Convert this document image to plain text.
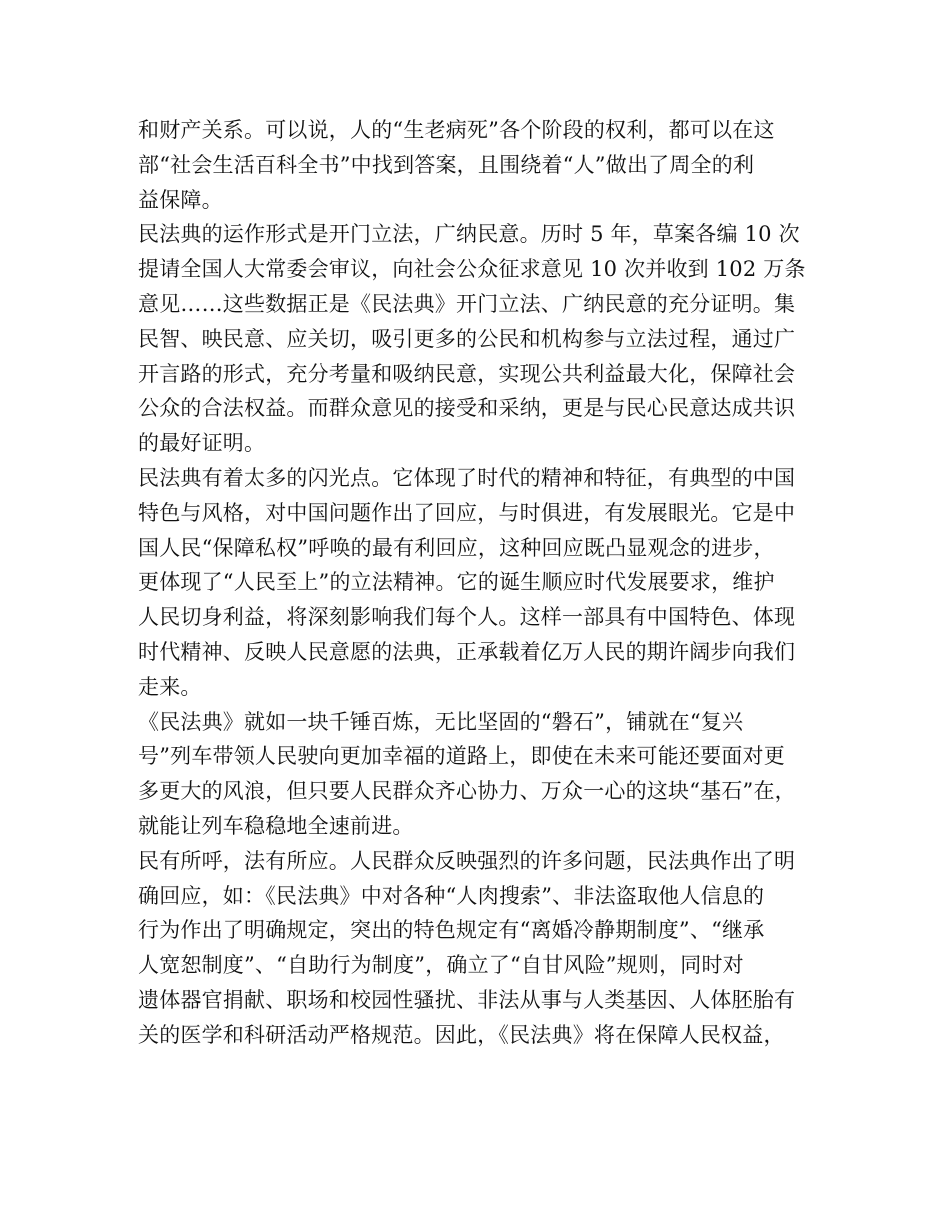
和财产关系。可以说，人的“生老病死”各个阶段的权利，都可以在这
部“社会生活百科全书”中找到答案，且围绕着“人”做出了周全的利
益保障。
民法典的运作形式是开门立法，广纳民意。历时 5 年，草案各编 10 次
提请全国人大常委会审议，向社会公众征求意见 10 次并收到 102 万条
意见……这些数据正是《民法典》开门立法、广纳民意的充分证明。集
民智、映民意、应关切，吸引更多的公民和机构参与立法过程，通过广
开言路的形式，充分考量和吸纳民意，实现公共利益最大化，保障社会
公众的合法权益。而群众意见的接受和采纳，更是与民心民意达成共识
的最好证明。
民法典有着太多的闪光点。它体现了时代的精神和特征，有典型的中国
特色与风格，对中国问题作出了回应，与时俱进，有发展眼光。它是中
国人民“保障私权”呼唤的最有利回应，这种回应既凸显观念的进步，
更体现了“人民至上”的立法精神。它的诞生顺应时代发展要求，维护
人民切身利益，将深刻影响我们每个人。这样一部具有中国特色、体现
时代精神、反映人民意愿的法典，正承载着亿万人民的期许阔步向我们
走来。
《民法典》就如一块千锤百炼，无比坚固的“磐石”，铺就在“复兴
号”列车带领人民驶向更加幸福的道路上，即使在未来可能还要面对更
多更大的风浪，但只要人民群众齐心协力、万众一心的这块“基石”在，
就能让列车稳稳地全速前进。
民有所呼，法有所应。人民群众反映强烈的许多问题，民法典作出了明
确回应，如：《民法典》中对各种“人肉搜索”、非法盗取他人信息的
行为作出了明确规定，突出的特色规定有“离婚冷静期制度”、“继承
人宽恕制度”、“自助行为制度”，确立了“自甘风险”规则，同时对
遗体器官捐献、职场和校园性骚扰、非法从事与人类基因、人体胚胎有
关的医学和科研活动严格规范。因此，《民法典》将在保障人民权益，
